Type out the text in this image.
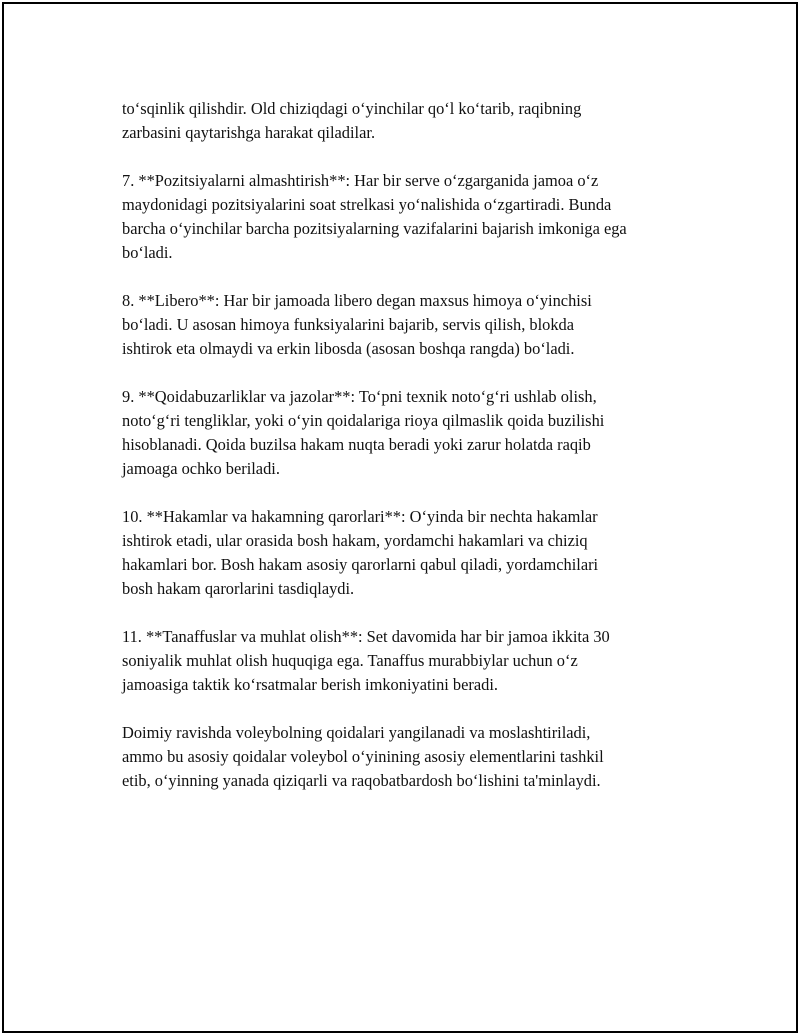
to‘sqinlik qilishdir. Old chiziqdagi o‘yinchilar qo‘l ko‘tarib, raqibning
zarbasini qaytarishga harakat qiladilar.

7. **Pozitsiyalarni almashtirish**: Har bir serve o‘zgarganida jamoa o‘z
maydonidagi pozitsiyalarini soat strelkasi yo‘nalishida o‘zgartiradi. Bunda
barcha o‘yinchilar barcha pozitsiyalarning vazifalarini bajarish imkoniga ega
bo‘ladi.

8. **Libero**: Har bir jamoada libero degan maxsus himoya o‘yinchisi
bo‘ladi. U asosan himoya funksiyalarini bajarib, servis qilish, blokda
ishtirok eta olmaydi va erkin libosda (asosan boshqa rangda) bo‘ladi.

9. **Qoidabuzarliklar va jazolar**: To‘pni texnik noto‘g‘ri ushlab olish,
noto‘g‘ri tengliklar, yoki o‘yin qoidalariga rioya qilmaslik qoida buzilishi
hisoblanadi. Qoida buzilsa hakam nuqta beradi yoki zarur holatda raqib
jamoaga ochko beriladi.

10. **Hakamlar va hakamning qarorlari**: O‘yinda bir nechta hakamlar
ishtirok etadi, ular orasida bosh hakam, yordamchi hakamlari va chiziq
hakamlari bor. Bosh hakam asosiy qarorlarni qabul qiladi, yordamchilari
bosh hakam qarorlarini tasdiqlaydi.

11. **Tanaffuslar va muhlat olish**: Set davomida har bir jamoa ikkita 30
soniyalik muhlat olish huquqiga ega. Tanaffus murabbiylar uchun o‘z
jamoasiga taktik ko‘rsatmalar berish imkoniyatini beradi.

Doimiy ravishda voleybolning qoidalari yangilanadi va moslashtiriladi,
ammo bu asosiy qoidalar voleybol o‘yinining asosiy elementlarini tashkil
etib, o‘yinning yanada qiziqarli va raqobatbardosh bo‘lishini ta'minlaydi.
